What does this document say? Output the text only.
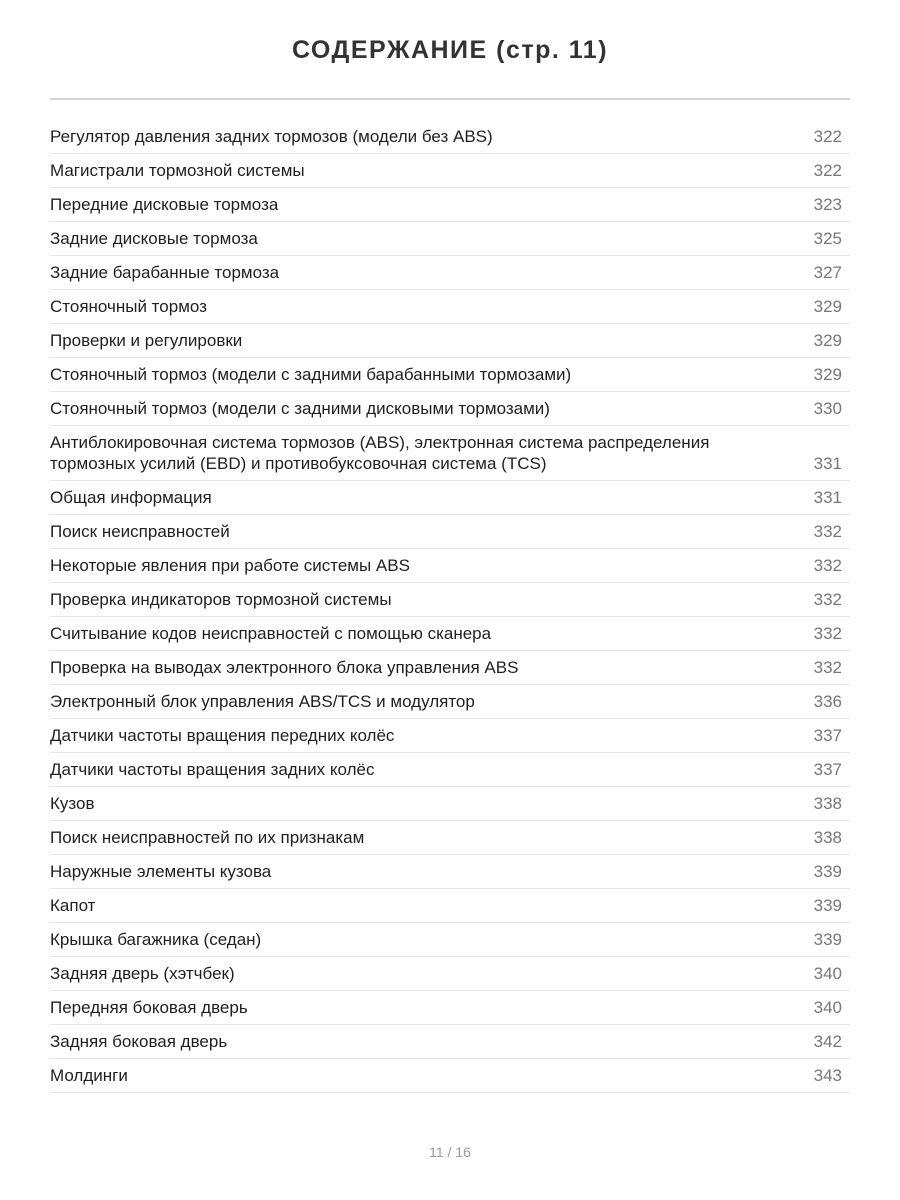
СОДЕРЖАНИЕ (стр. 11)
Регулятор давления задних тормозов (модели без ABS)	322
Магистрали тормозной системы	322
Передние дисковые тормоза	323
Задние дисковые тормоза	325
Задние барабанные тормоза	327
Стояночный тормоз	329
Проверки и регулировки	329
Стояночный тормоз (модели с задними барабанными тормозами)	329
Стояночный тормоз (модели с задними дисковыми тормозами)	330
Антиблокировочная система тормозов (ABS), электронная система распределения тормозных усилий (EBD) и противобуксовочная система (TCS)	331
Общая информация	331
Поиск неисправностей	332
Некоторые явления при работе системы ABS	332
Проверка индикаторов тормозной системы	332
Считывание кодов неисправностей с помощью сканера	332
Проверка на выводах электронного блока управления ABS	332
Электронный блок управления ABS/TCS и модулятор	336
Датчики частоты вращения передних колёс	337
Датчики частоты вращения задних колёс	337
Кузов	338
Поиск неисправностей по их признакам	338
Наружные элементы кузова	339
Капот	339
Крышка багажника (седан)	339
Задняя дверь (хэтчбек)	340
Передняя боковая дверь	340
Задняя боковая дверь	342
Молдинги	343
11 / 16
